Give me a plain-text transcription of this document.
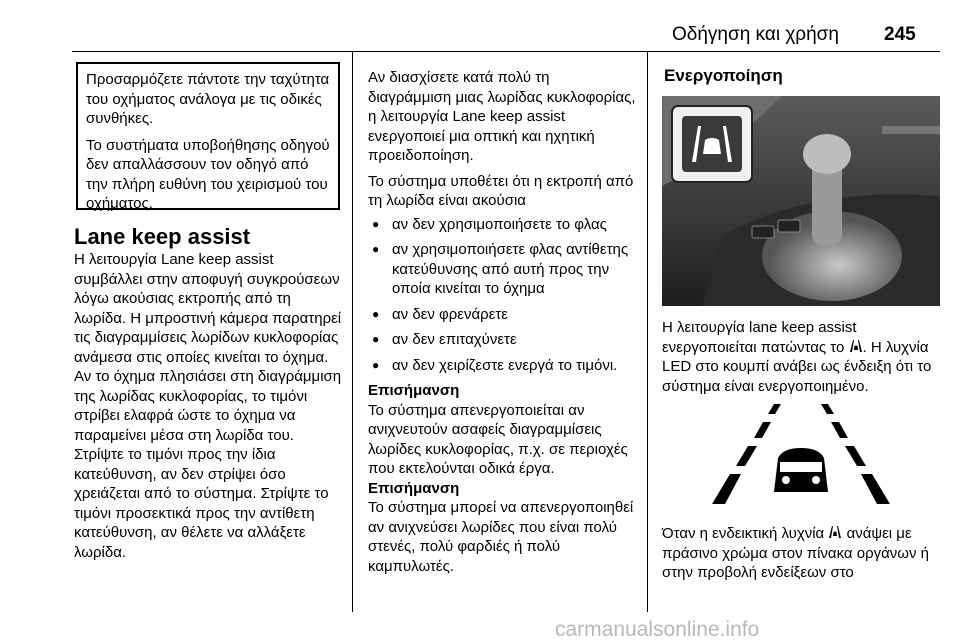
Οδήγηση και χρήση 245

Προσαρμόζετε πάντοτε την ταχύτητα του οχήματος ανάλογα με τις οδικές συνθήκες.

Το συστήματα υποβοήθησης οδηγού δεν απαλλάσσουν τον οδηγό από την πλήρη ευθύνη του χειρισμού του οχήματος.

Lane keep assist

Η λειτουργία Lane keep assist συμβάλλει στην αποφυγή συγκρούσεων λόγω ακούσιας εκτροπής από τη λωρίδα. Η μπροστινή κάμερα παρατηρεί τις διαγραμμίσεις λωρίδων κυκλοφορίας ανάμεσα στις οποίες κινείται το όχημα. Αν το όχημα πλησιάσει στη διαγράμμιση της λωρίδας κυκλοφορίας, το τιμόνι στρίβει ελαφρά ώστε το όχημα να παραμείνει μέσα στη λωρίδα του. Στρίψτε το τιμόνι προς την ίδια κατεύθυνση, αν δεν στρίψει όσο χρειάζεται από το σύστημα. Στρίψτε το τιμόνι προσεκτικά προς την αντίθετη κατεύθυνση, αν θέλετε να αλλάξετε λωρίδα.

Αν διασχίσετε κατά πολύ τη διαγράμμιση μιας λωρίδας κυκλοφορίας, η λειτουργία Lane keep assist ενεργοποιεί μια οπτική και ηχητική προειδοποίηση.

Το σύστημα υποθέτει ότι η εκτροπή από τη λωρίδα είναι ακούσια

● αν δεν χρησιμοποιήσετε το φλας
● αν χρησιμοποιήσετε φλας αντίθετης κατεύθυνσης από αυτή προς την οποία κινείται το όχημα
● αν δεν φρενάρετε
● αν δεν επιταχύνετε
● αν δεν χειρίζεστε ενεργά το τιμόνι.

Επισήμανση

Το σύστημα απενεργοποιείται αν ανιχνευτούν ασαφείς διαγραμμίσεις λωρίδες κυκλοφορίας, π.χ. σε περιοχές που εκτελούνται οδικά έργα.

Επισήμανση

Το σύστημα μπορεί να απενεργοποιηθεί αν ανιχνεύσει λωρίδες που είναι πολύ στενές, πολύ φαρδιές ή πολύ καμπυλωτές.

Ενεργοποίηση

Η λειτουργία lane keep assist ενεργοποιείται πατώντας το . Η λυχνία LED στο κουμπί ανάβει ως ένδειξη ότι το σύστημα είναι ενεργοποιημένο.

Όταν η ενδεικτική λυχνία ανάψει με πράσινο χρώμα στον πίνακα οργάνων ή στην προβολή ενδείξεων στο

carmanualsonline.info
